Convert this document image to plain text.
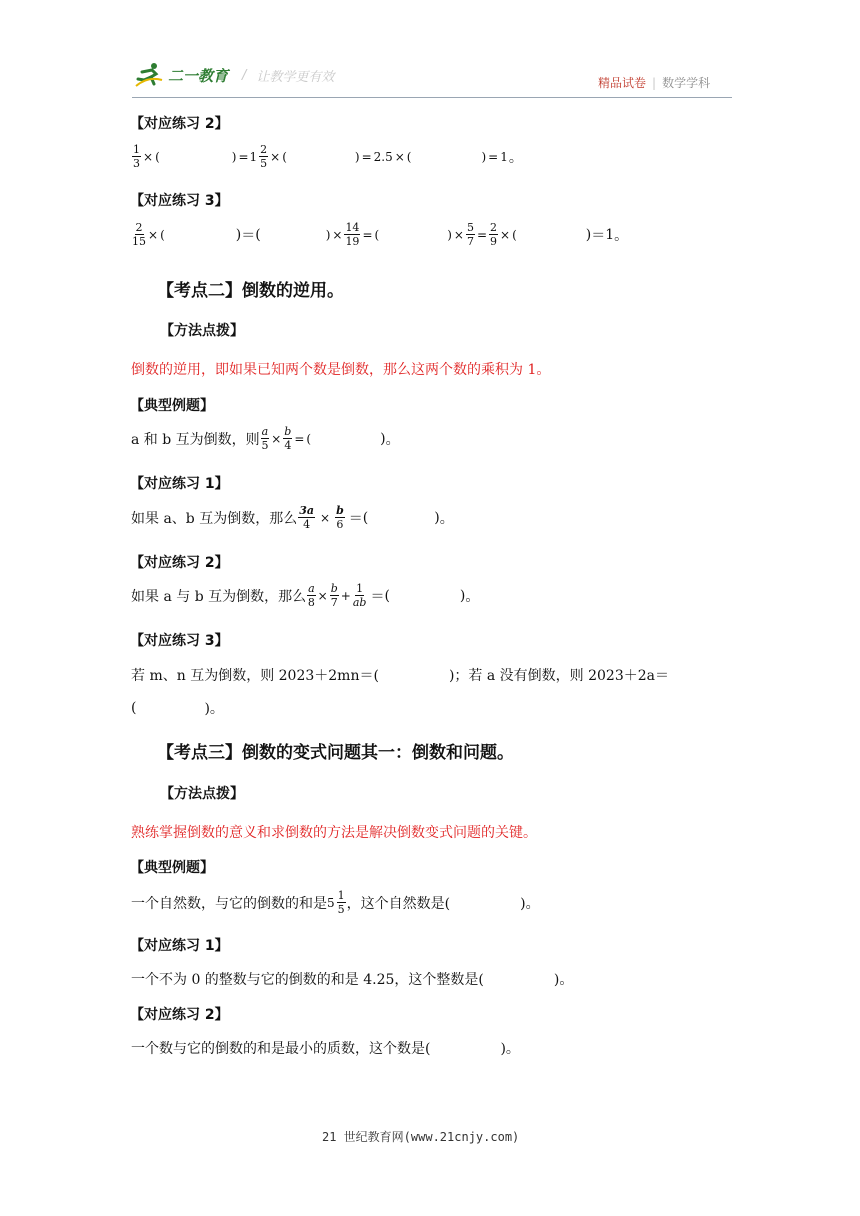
二一教育 / 让教学更有效	精品试卷 | 数学学科
【对应练习 2】
$\frac{1}{3}$ × (	) = $1 \frac{2}{5}$ × (	) = 2.5 × (	) = 1 。
【对应练习 3】
$\frac{2}{15}$ × (	) ＝ (	) × $\frac{14}{19}$ = (	) × $\frac{5}{7} = \frac{2}{9}$ × (	) ＝ 1 。
【考点二】倒数的逆用。
【方法点拨】
倒数的逆用，即如果已知两个数是倒数，那么这两个数的乘积为 1。
【典型例题】
a 和 b 互为倒数，则 $\frac{a}{5} \times \frac{b}{4}$ = (	) 。
【对应练习 1】
如果 a、b 互为倒数，那么 $\frac{3a}{4} \times \frac{b}{6}$ ＝ (	) 。
【对应练习 2】
如果 a 与 b 互为倒数，那么 $\frac{a}{8} \times \frac{b}{7} + \frac{1}{ab}$ ＝ (	) 。
【对应练习 3】
若 m、n 互为倒数，则 2023＋2mn＝(	)；若 a 没有倒数，则 2023＋2a＝
(	)。
【考点三】倒数的变式问题其一：倒数和问题。
【方法点拨】
熟练掌握倒数的意义和求倒数的方法是解决倒数变式问题的关键。
【典型例题】
一个自然数，与它的倒数的和是 $5 \frac{1}{5}$ ，这个自然数是(	)。
【对应练习 1】
一个不为 0 的整数与它的倒数的和是 4.25，这个整数是(	)。
【对应练习 2】
一个数与它的倒数的和是最小的质数，这个数是(	)。
21 世纪教育网(www.21cnjy.com)
